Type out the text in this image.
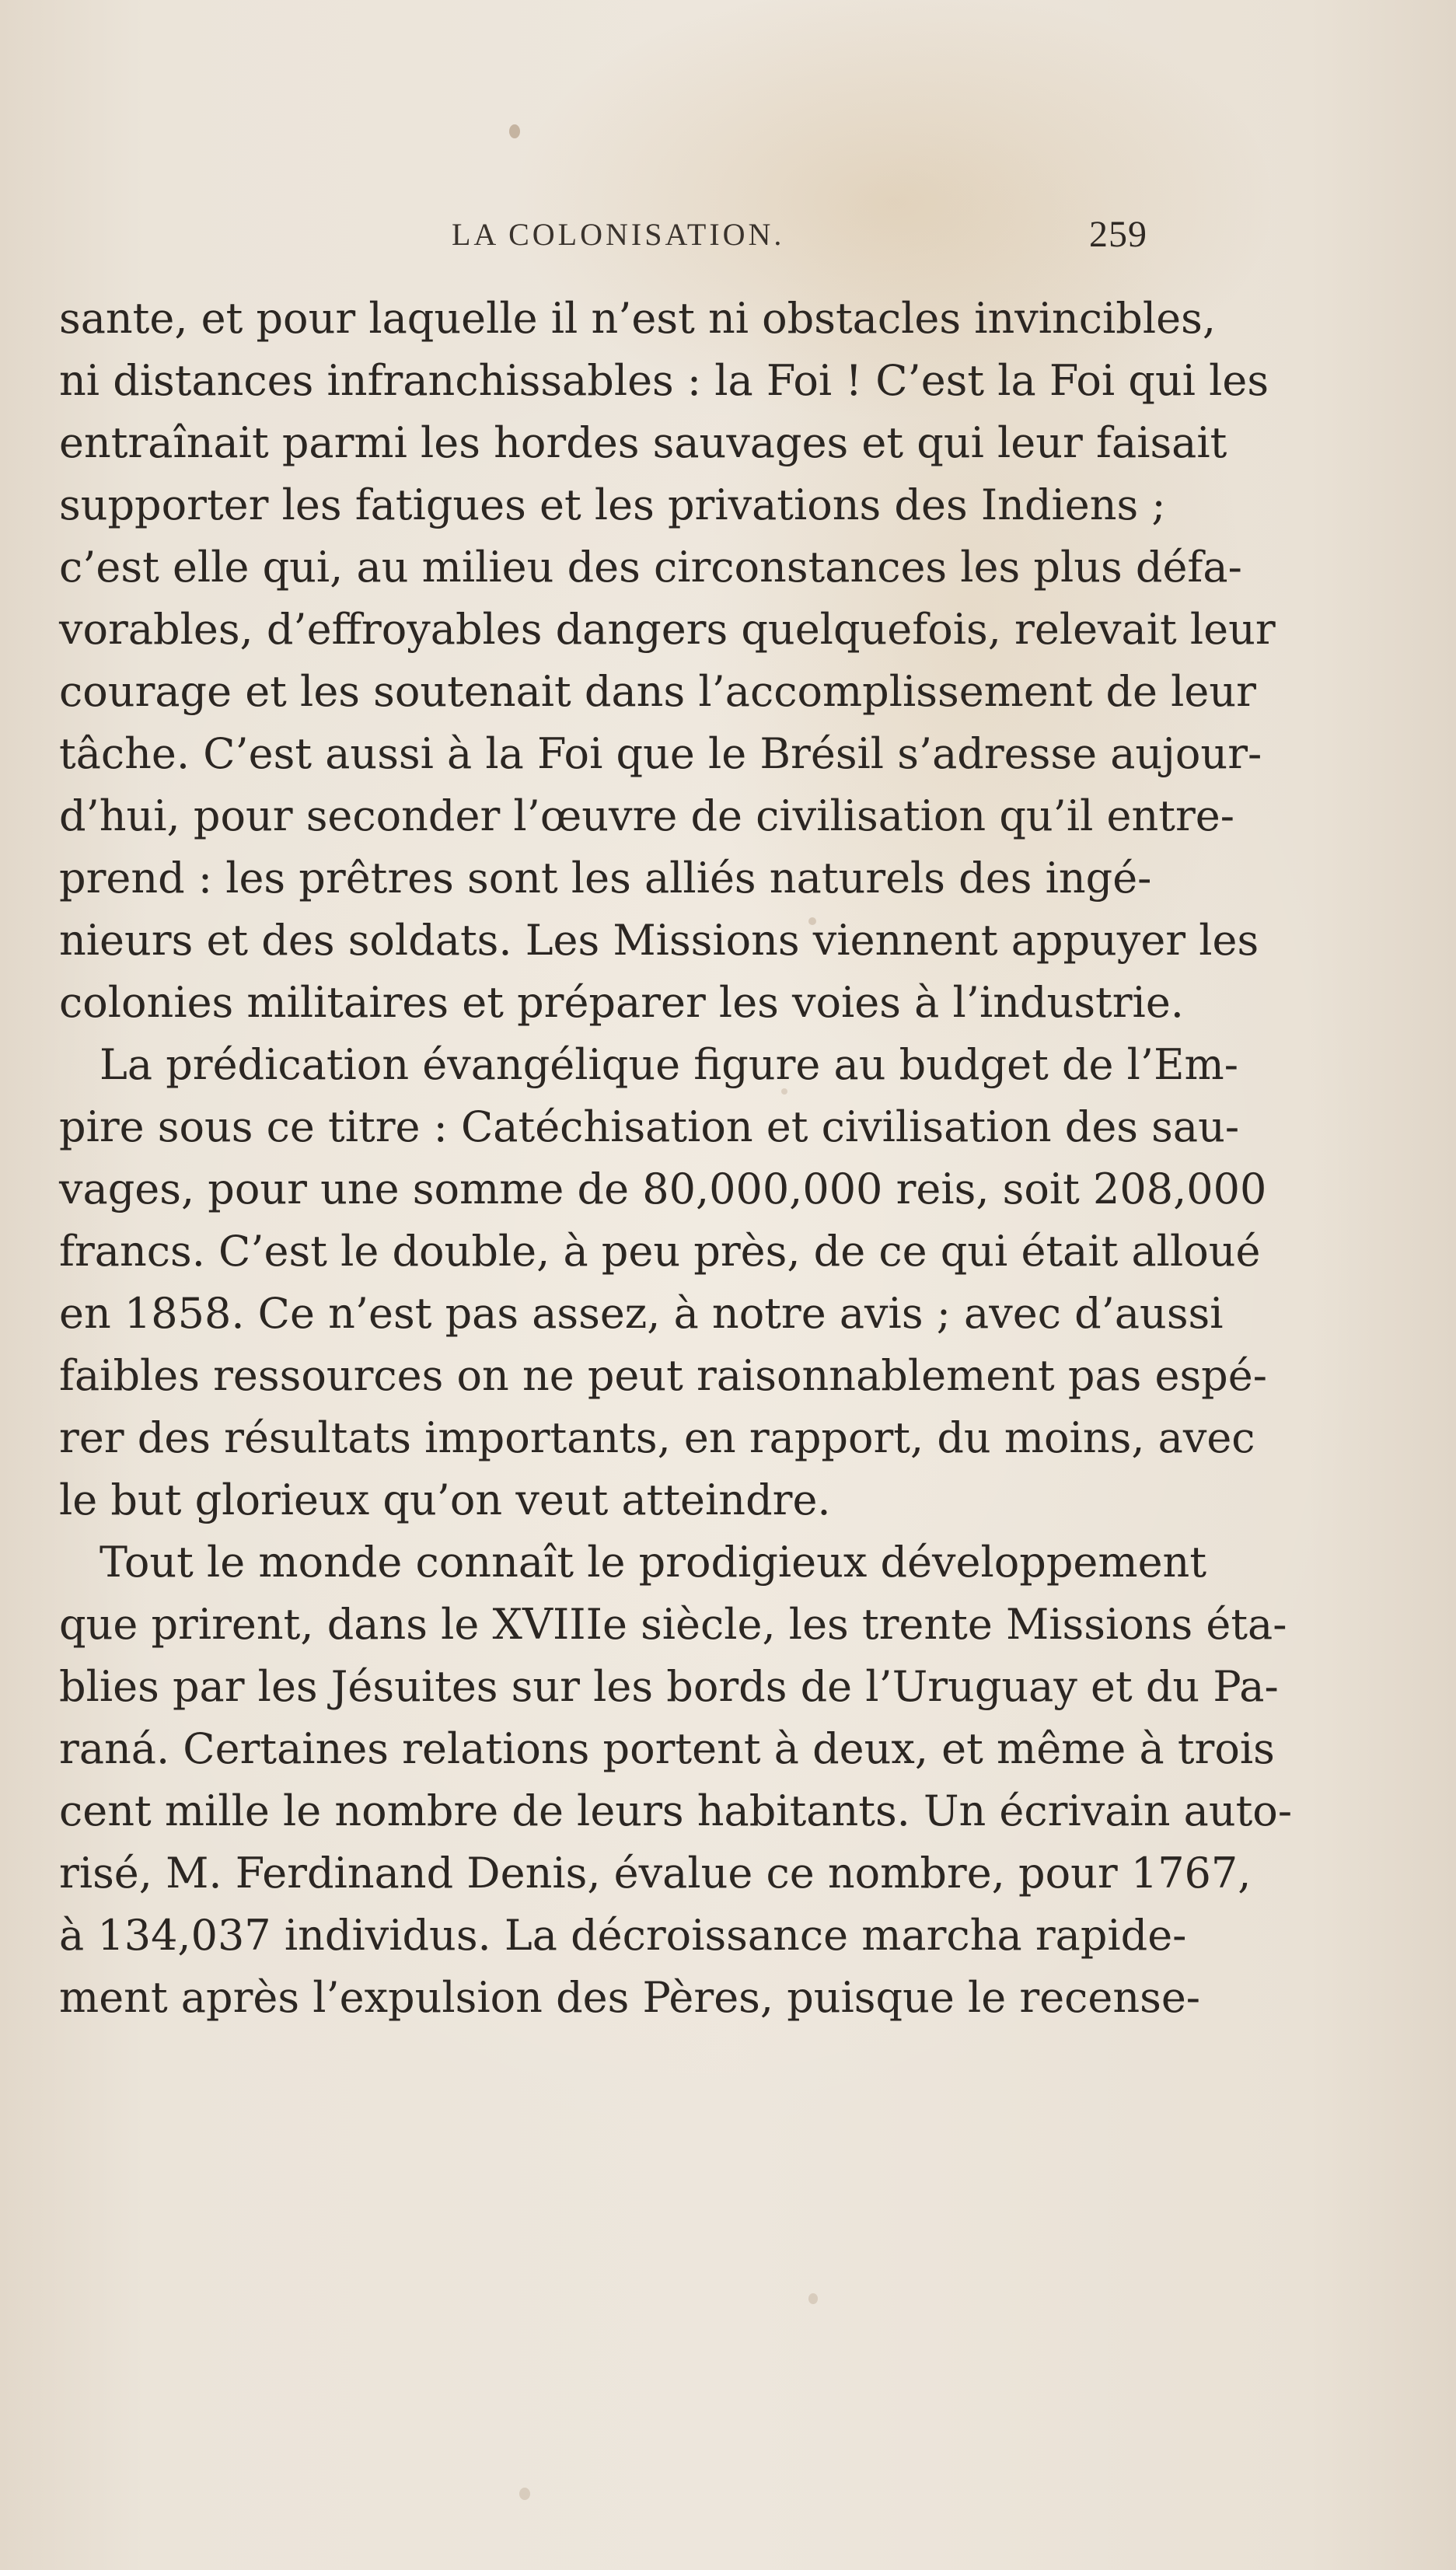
LA COLONISATION.	259
sante, et pour laquelle il n’est ni obstacles invincibles,
ni distances infranchissables : la Foi ! C’est la Foi qui les
entraînait parmi les hordes sauvages et qui leur faisait
supporter les fatigues et les privations des Indiens ;
c’est elle qui, au milieu des circonstances les plus défa-
vorables, d’effroyables dangers quelquefois, relevait leur
courage et les soutenait dans l’accomplissement de leur
tâche. C’est aussi à la Foi que le Brésil s’adresse aujour-
d’hui, pour seconder l’œuvre de civilisation qu’il entre-
prend : les prêtres sont les alliés naturels des ingé-
nieurs et des soldats. Les Missions viennent appuyer les
colonies militaires et préparer les voies à l’industrie.
La prédication évangélique figure au budget de l’Em-
pire sous ce titre : Catéchisation et civilisation des sau-
vages, pour une somme de 80,000,000 reis, soit 208,000
francs. C’est le double, à peu près, de ce qui était alloué
en 1858. Ce n’est pas assez, à notre avis ; avec d’aussi
faibles ressources on ne peut raisonnablement pas espé-
rer des résultats importants, en rapport, du moins, avec
le but glorieux qu’on veut atteindre.
Tout le monde connaît le prodigieux développement
que prirent, dans le XVIIIe siècle, les trente Missions éta-
blies par les Jésuites sur les bords de l’Uruguay et du Pa-
raná. Certaines relations portent à deux, et même à trois
cent mille le nombre de leurs habitants. Un écrivain auto-
risé, M. Ferdinand Denis, évalue ce nombre, pour 1767,
à 134,037 individus. La décroissance marcha rapide-
ment après l’expulsion des Pères, puisque le recense-
